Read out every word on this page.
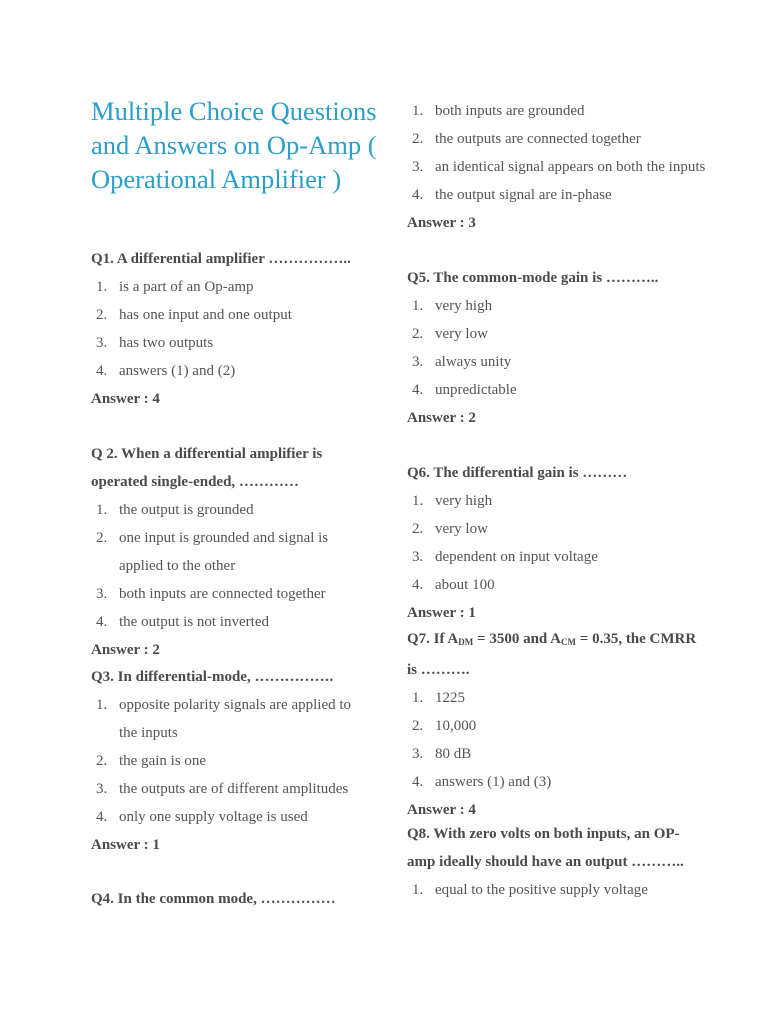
Multiple Choice Questions and Answers on Op-Amp ( Operational Amplifier )

Q1. A differential amplifier ……………..

1. is a part of an Op-amp
2. has one input and one output
3. has two outputs
4. answers (1) and (2)

Answer : 4

Q 2. When a differential amplifier is operated single-ended, …………

1. the output is grounded
2. one input is grounded and signal is applied to the other
3. both inputs are connected together
4. the output is not inverted

Answer : 2

Q3. In differential-mode, …………….

1. opposite polarity signals are applied to the inputs
2. the gain is one
3. the outputs are of different amplitudes
4. only one supply voltage is used

Answer : 1

Q4. In the common mode, ……………

1. both inputs are grounded
2. the outputs are connected together
3. an identical signal appears on both the inputs
4. the output signal are in-phase

Answer : 3

Q5. The common-mode gain is ………..

1. very high
2. very low
3. always unity
4. unpredictable

Answer : 2

Q6. The differential gain is ………

1. very high
2. very low
3. dependent on input voltage
4. about 100

Answer : 1

Q7. If $A_{DM} = 3500$ and $A_{CM} = 0.35$, the CMRR is ……….

1. 1225
2. 10,000
3. 80 dB
4. answers (1) and (3)

Answer : 4

Q8. With zero volts on both inputs, an OP-amp ideally should have an output ………..

1. equal to the positive supply voltage
